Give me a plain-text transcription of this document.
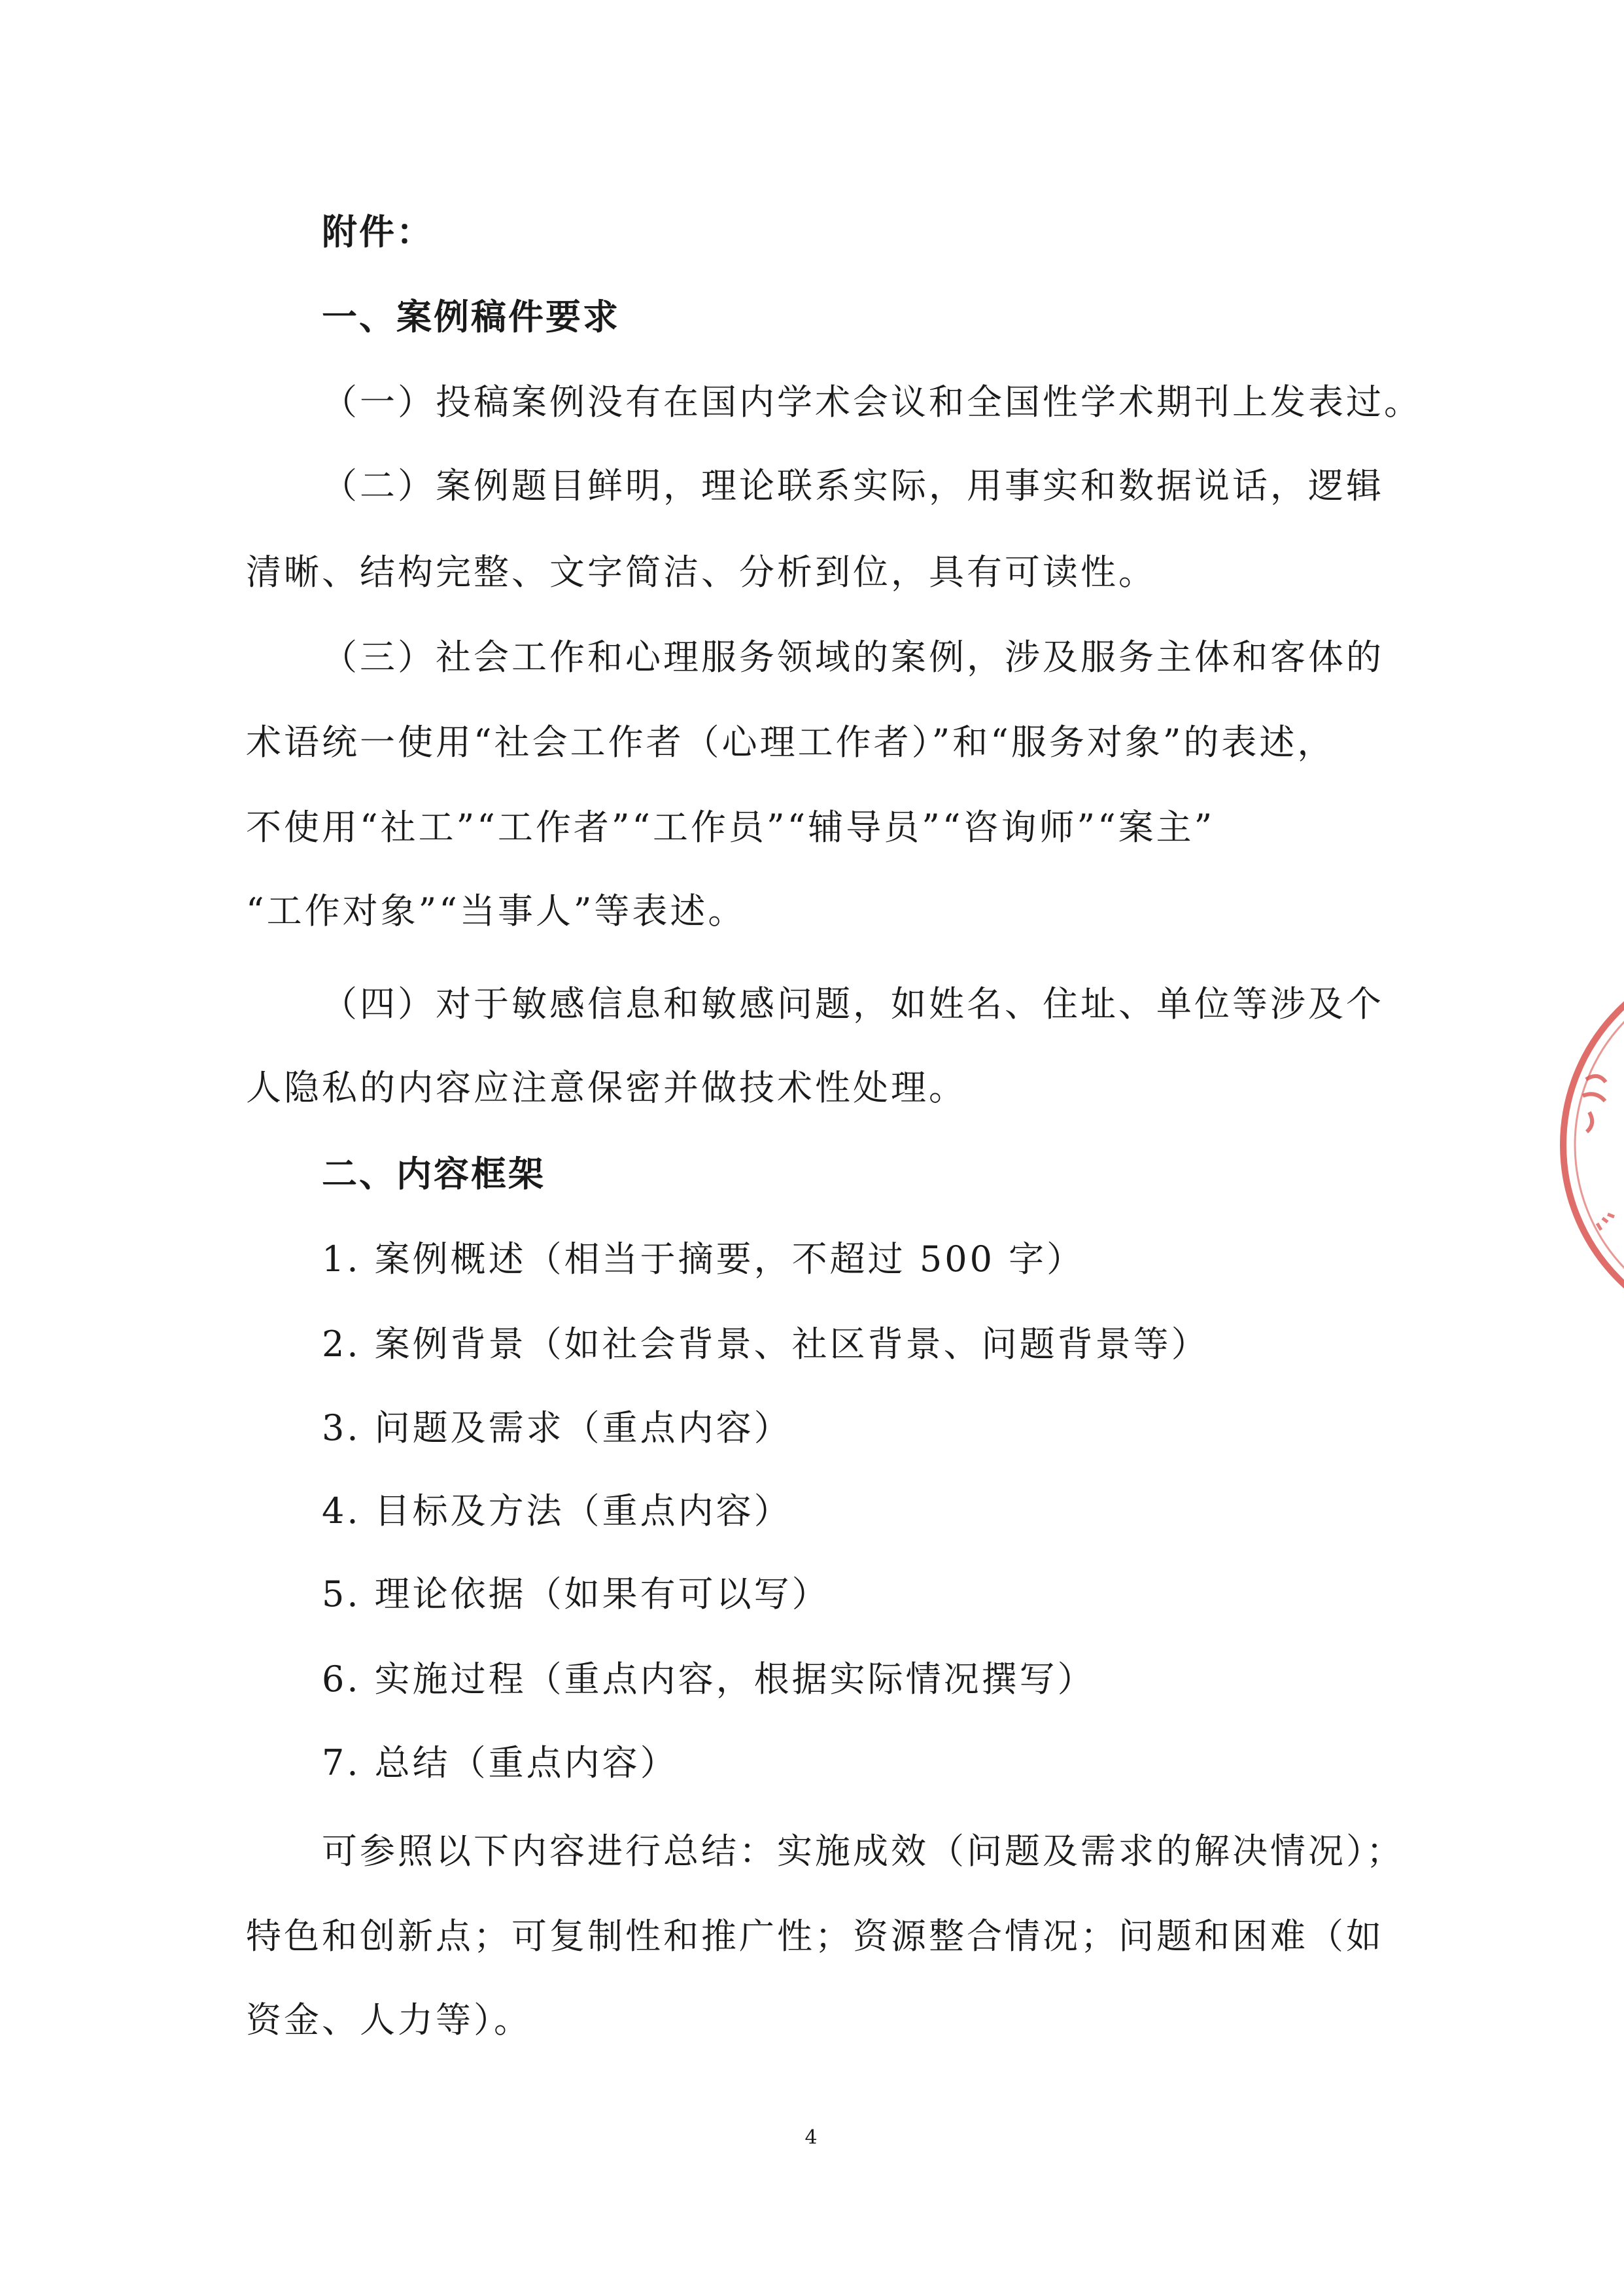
附件：
一、案例稿件要求
（一）投稿案例没有在国内学术会议和全国性学术期刊上发表过。
（二）案例题目鲜明，理论联系实际，用事实和数据说话，逻辑
清晰、结构完整、文字简洁、分析到位，具有可读性。
（三）社会工作和心理服务领域的案例，涉及服务主体和客体的
术语统一使用“社会工作者（心理工作者）”和“服务对象”的表述，
不使用“社工”“工作者”“工作员”“辅导员”“咨询师”“案主”
“工作对象”“当事人”等表述。
（四）对于敏感信息和敏感问题，如姓名、住址、单位等涉及个
人隐私的内容应注意保密并做技术性处理。
二、内容框架
1. 案例概述（相当于摘要，不超过 500 字）
2. 案例背景（如社会背景、社区背景、问题背景等）
3. 问题及需求（重点内容）
4. 目标及方法（重点内容）
5. 理论依据（如果有可以写）
6. 实施过程（重点内容，根据实际情况撰写）
7. 总结（重点内容）
可参照以下内容进行总结：实施成效（问题及需求的解决情况）；
特色和创新点；可复制性和推广性；资源整合情况；问题和困难（如
资金、人力等）。
4
